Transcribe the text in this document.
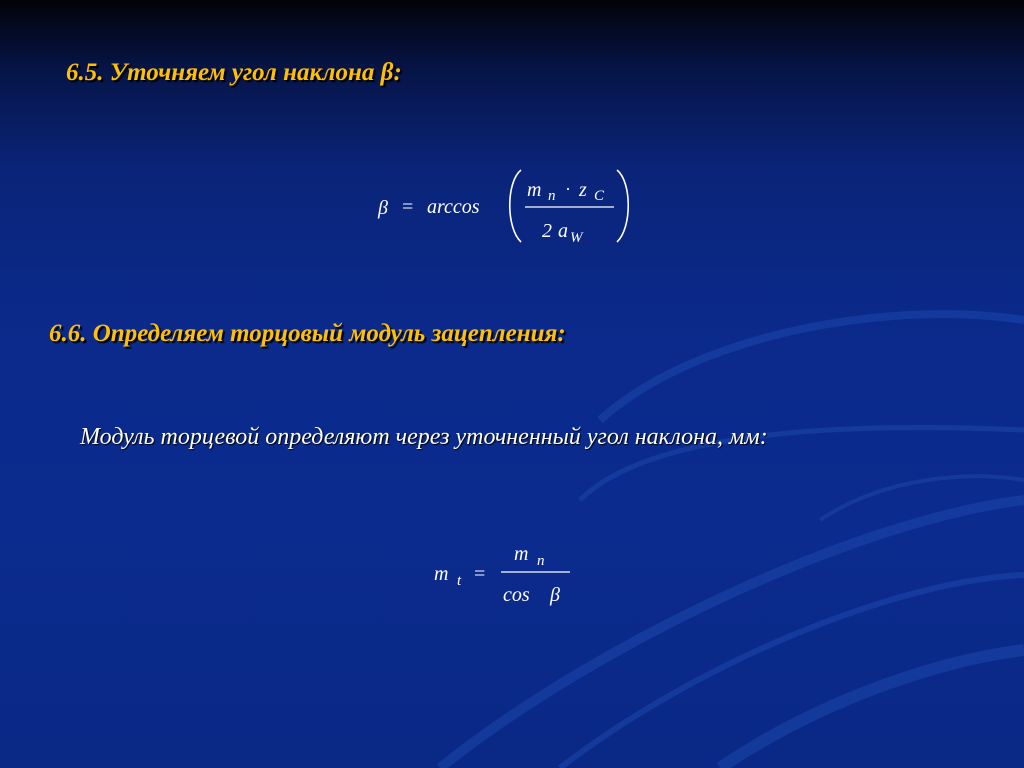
6.5. Уточняем угол наклона β:
β = arccos
m n · z C
2 a W
6.6. Определяем торцовый модуль зацепления:

Модуль торцевой определяют через уточненный угол наклона, мм:

m t =
m n
cos β
